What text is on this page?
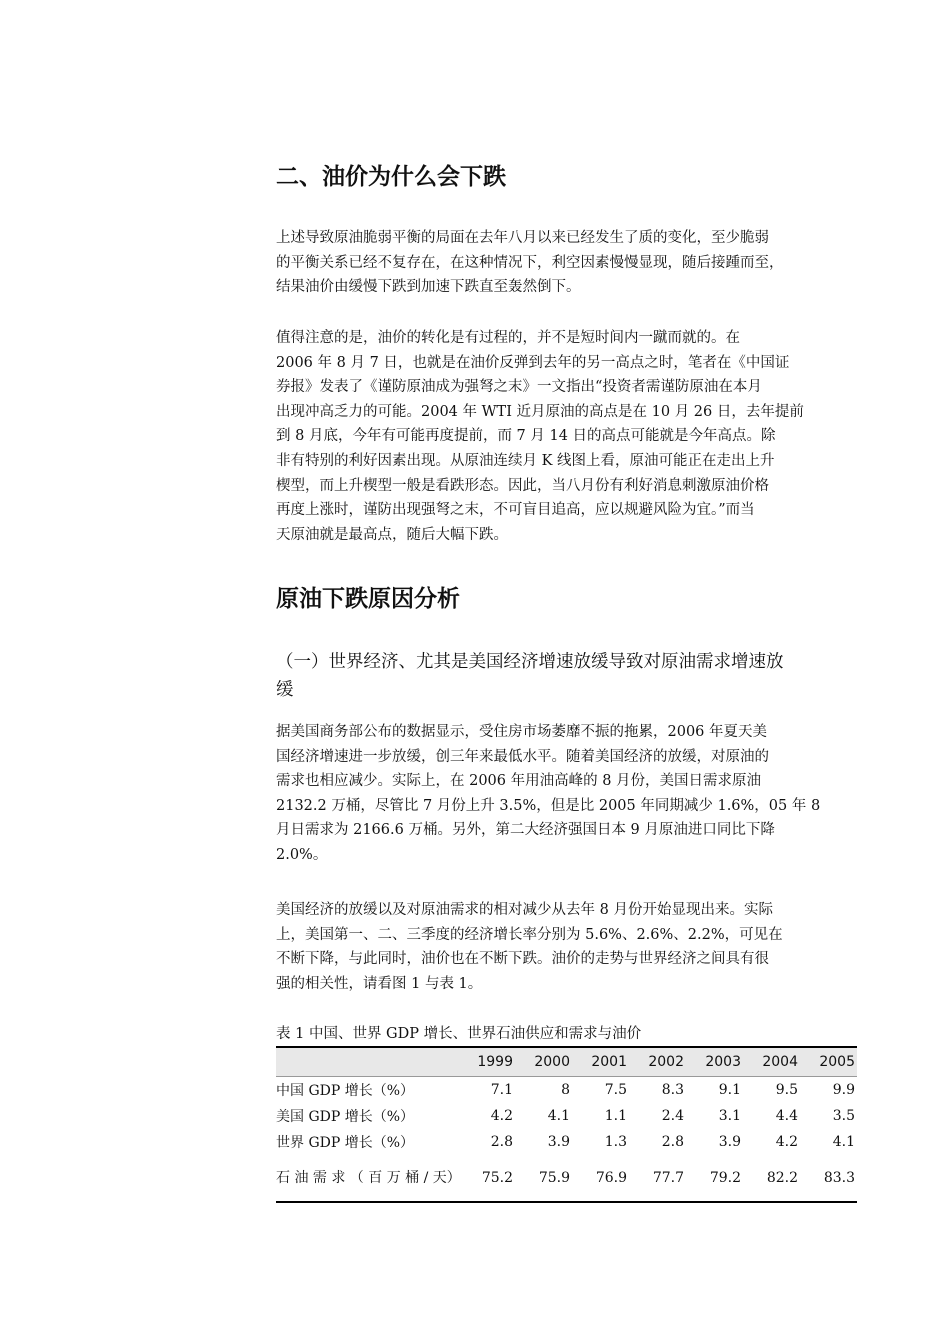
二、油价为什么会下跌
上述导致原油脆弱平衡的局面在去年八月以来已经发生了质的变化，至少脆弱
的平衡关系已经不复存在，在这种情况下，利空因素慢慢显现，随后接踵而至，
结果油价由缓慢下跌到加速下跌直至轰然倒下。
值得注意的是，油价的转化是有过程的，并不是短时间内一蹴而就的。在
2006 年 8 月 7 日，也就是在油价反弹到去年的另一高点之时，笔者在《中国证
券报》发表了《谨防原油成为强弩之末》一文指出“投资者需谨防原油在本月
出现冲高乏力的可能。2004 年 WTI 近月原油的高点是在 10 月 26 日，去年提前
到 8 月底，今年有可能再度提前，而 7 月 14 日的高点可能就是今年高点。除
非有特别的利好因素出现。从原油连续月 K 线图上看，原油可能正在走出上升
楔型，而上升楔型一般是看跌形态。因此，当八月份有利好消息刺激原油价格
再度上涨时，谨防出现强弩之末，不可盲目追高，应以规避风险为宜。”而当
天原油就是最高点，随后大幅下跌。
原油下跌原因分析
（一）世界经济、尤其是美国经济增速放缓导致对原油需求增速放
缓
据美国商务部公布的数据显示，受住房市场萎靡不振的拖累，2006 年夏天美
国经济增速进一步放缓，创三年来最低水平。随着美国经济的放缓，对原油的
需求也相应减少。实际上，在 2006 年用油高峰的 8 月份，美国日需求原油
2132.2 万桶，尽管比 7 月份上升 3.5%，但是比 2005 年同期减少 1.6%，05 年 8
月日需求为 2166.6 万桶。另外，第二大经济强国日本 9 月原油进口同比下降
2.0%。
美国经济的放缓以及对原油需求的相对减少从去年 8 月份开始显现出来。实际
上，美国第一、二、三季度的经济增长率分别为 5.6%、2.6%、2.2%，可见在
不断下降，与此同时，油价也在不断下跌。油价的走势与世界经济之间具有很
强的相关性，请看图 1 与表 1。
表 1 中国、世界 GDP 增长、世界石油供应和需求与油价
	1999	2000	2001	2002	2003	2004	2005
中国 GDP 增长（%）	7.1	8	7.5	8.3	9.1	9.5	9.9
美国 GDP 增长（%）	4.2	4.1	1.1	2.4	3.1	4.4	3.5
世界 GDP 增长（%）	2.8	3.9	1.3	2.8	3.9	4.2	4.1
石 油 需 求 （ 百 万 桶 / 天）	75.2	75.9	76.9	77.7	79.2	82.2	83.3
